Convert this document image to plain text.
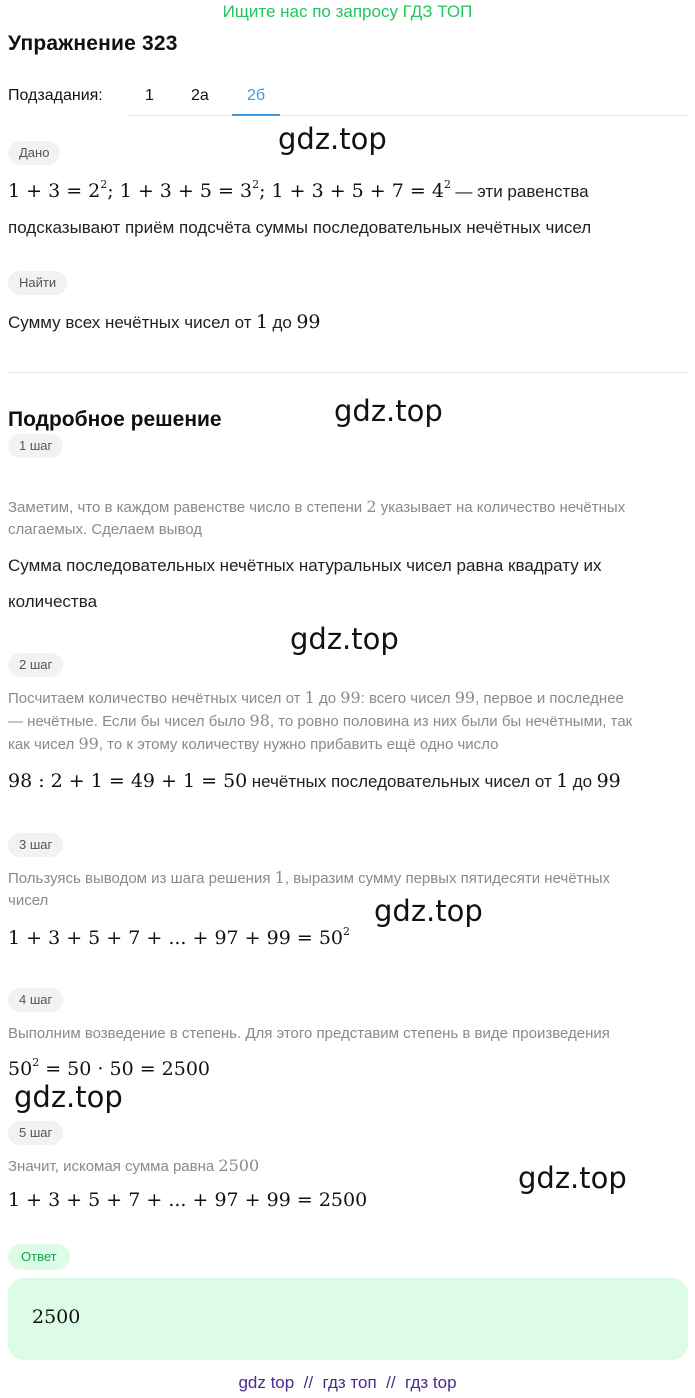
Ищите нас по запросу ГДЗ ТОП
Упражнение 323
Подзадания:	1 2а 2б
gdz.top
gdz.top
gdz.top
gdz.top
gdz.top
gdz.top
Дано
$1 + 3 = 2^2$; $1 + 3 + 5 = 3^2$; $1 + 3 + 5 + 7 = 4^2$ — эти равенства
подсказывают приём подсчёта суммы последовательных нечётных чисел
Найти
Сумму всех нечётных чисел от 1 до 99
Подробное решение
1 шаг
Заметим, что в каждом равенстве число в степени 2 указывает на количество нечётных
слагаемых. Сделаем вывод
Сумма последовательных нечётных натуральных чисел равна квадрату их
количества
2 шаг
Посчитаем количество нечётных чисел от 1 до 99: всего чисел 99, первое и последнее
— нечётные. Если бы чисел было 98, то ровно половина из них были бы нечётными, так
как чисел 99, то к этому количеству нужно прибавить ещё одно число
98 : 2 + 1 = 49 + 1 = 50 нечётных последовательных чисел от 1 до 99
3 шаг
Пользуясь выводом из шага решения 1, выразим сумму первых пятидесяти нечётных
чисел
1 + 3 + 5 + 7 + ... + $97 + 99 = 50^2$
4 шаг
Выполним возведение в степень. Для этого представим степень в виде произведения
$50^2 = 50 \cdot 50 = 2500$
5 шаг
Значит, искомая сумма равна 2500
1 + 3 + 5 + 7 + ... + 97 + 99 = 2500
Ответ
2500
gdz top  //  гдз топ  //  гдз top
